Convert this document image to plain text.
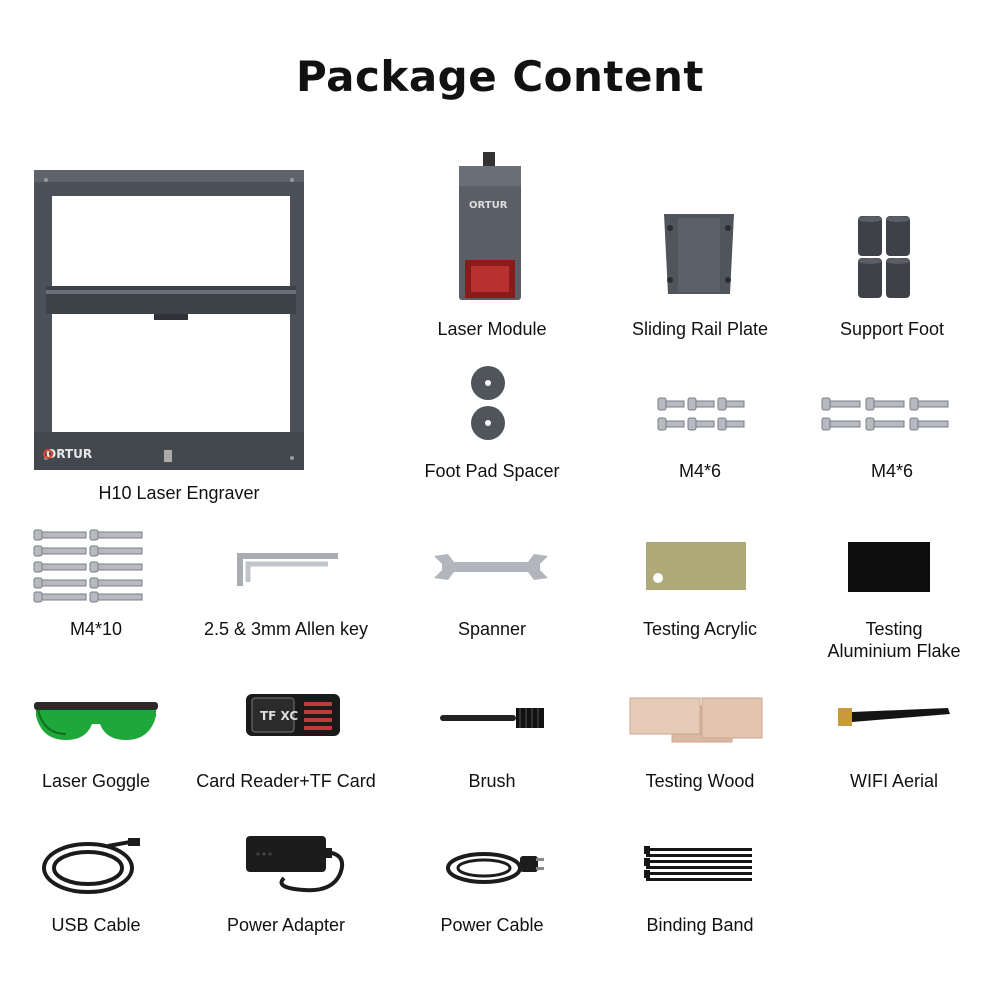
Package Content
ORTUR
H10 Laser Engraver
ORTUR
Laser Module	Sliding Rail Plate	Support Foot
Foot Pad Spacer	M4*6	M4*6
M4*10	2.5 & 3mm Allen key	Spanner	Testing Acrylic	Testing
Aluminium Flake
Laser Goggle
TF XC
Card Reader+TF Card	Brush	Testing Wood	WIFI Aerial
USB Cable	Power Adapter	Power Cable	Binding Band
